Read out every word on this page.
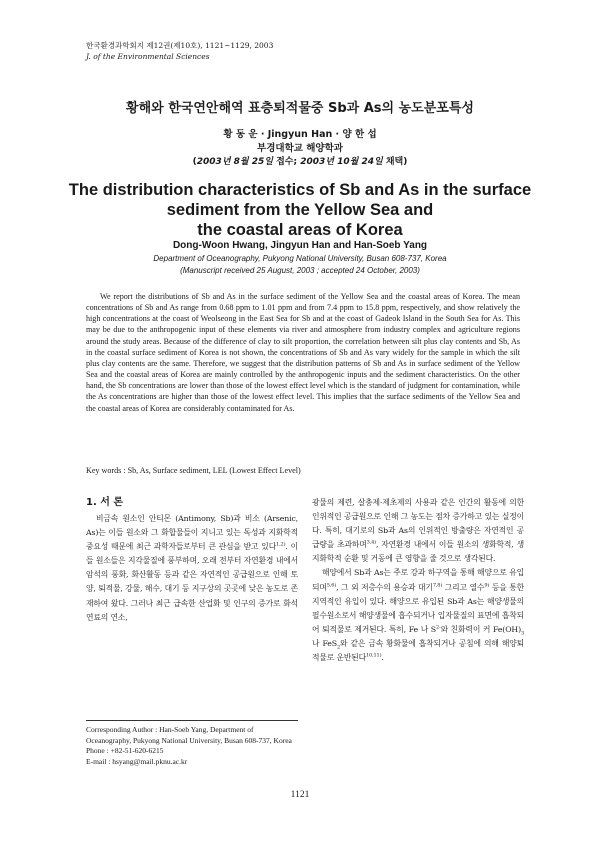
한국환경과학회지 제12권(제10호), 1121~1129, 2003
J. of the Environmental Sciences
황해와 한국연안해역 표층퇴적물중 Sb과 As의 농도분포특성
황 동 운 · Jingyun Han · 양 한 섭
부경대학교 해양학과
(2003년 8월 25일 접수; 2003년 10월 24일 채택)
The distribution characteristics of Sb and As in the surface
sediment from the Yellow Sea and
the coastal areas of Korea
Dong-Woon Hwang, Jingyun Han and Han-Soeb Yang
Department of Oceanography, Pukyong National University, Busan 608-737, Korea
(Manuscript received 25 August, 2003 ; accepted 24 October, 2003)

We report the distributions of Sb and As in the surface sediment of the Yellow Sea and the coastal areas of Korea. The mean concentrations of Sb and As range from 0.68 ppm to 1.01 ppm and from 7.4 ppm to 15.8 ppm, respectively, and show relatively the high concentrations at the coast of Weolseong in the East Sea for Sb and at the coast of Gadeok Island in the South Sea for As. This may be due to the anthropogenic input of these elements via river and atmosphere from industry complex and agriculture regions around the study areas. Because of the difference of clay to silt proportion, the correlation between silt plus clay contents and Sb, As in the coastal surface sediment of Korea is not shown, the concentrations of Sb and As vary widely for the sample in which the silt plus clay contents are the same. Therefore, we suggest that the distribution patterns of Sb and As in surface sediment of the Yellow Sea and the coastal areas of Korea are mainly controlled by the anthropogenic inputs and the sediment characteristics. On the other hand, the Sb concentrations are lower than those of the lowest effect level which is the standard of judgment for contamination, while the As concentrations are higher than those of the lowest effect level. This implies that the surface sediments of the Yellow Sea and the coastal areas of Korea are considerably contaminated for As.

Key words : Sb, As, Surface sediment, LEL (Lowest Effect Level)
1. 서 론

비금속 원소인 안티몬 (Antimony, Sb)과 비소 (Arsenic, As)는 이들 원소와 그 화합물들이 지니고 있는 독성과 지화학적 중요성 때문에 최근 과학자들로부터 큰 관심을 받고 있다$^{1,2)}$. 이들 원소들은 지각물질에 풍부하며, 오래 전부터 자연환경 내에서 암석의 풍화, 화산활동 등과 같은 자연적인 공급원으로 인해 토양, 퇴적물, 강물, 해수, 대기 등 지구상의 곳곳에 낮은 농도로 존재하여 왔다. 그러나 최근 급속한 산업화 및 인구의 증가로 화석연료의 연소,

광물의 제련, 살충제·제초제의 사용과 같은 인간의 활동에 의한 인위적인 공급원으로 인해 그 농도는 점차 증가하고 있는 실정이다. 특히, 대기로의 Sb과 As의 인위적인 방출량은 자연적인 공급량을 초과하며$^{3,4)}$, 자연환경 내에서 이들 원소의 생화학적, 생지화학적 순환 및 거동에 큰 영향을 줄 것으로 생각된다.

해양에서 Sb과 As는 주로 강과 하구역을 통해 해양으로 유입되며$^{5,6)}$, 그 외 저층수의 용승과 대기$^{7,8)}$ 그리고 열수$^{9)}$ 등을 통한 지역적인 유입이 있다. 해양으로 유입된 Sb과 As는 해양생물의 필수원소로서 해양생물에 흡수되거나 입자물질의 표면에 흡착되어 퇴적물로 제거된다. 특히, Fe 나 $S^{2-}$와 친화력이 커 $Fe(OH)_3$ 나 FeS$_2$와 같은 금속 황화물에 흡착되거나 공침에 의해 해양퇴적물로 운반된다$^{10,11)}$.

Corresponding Author : Han-Soeb Yang, Department of Oceanography, Pukyong National University, Busan 608-737, Korea
Phone : +82-51-620-6215
E-mail : hsyang@mail.pknu.ac.kr
1121
